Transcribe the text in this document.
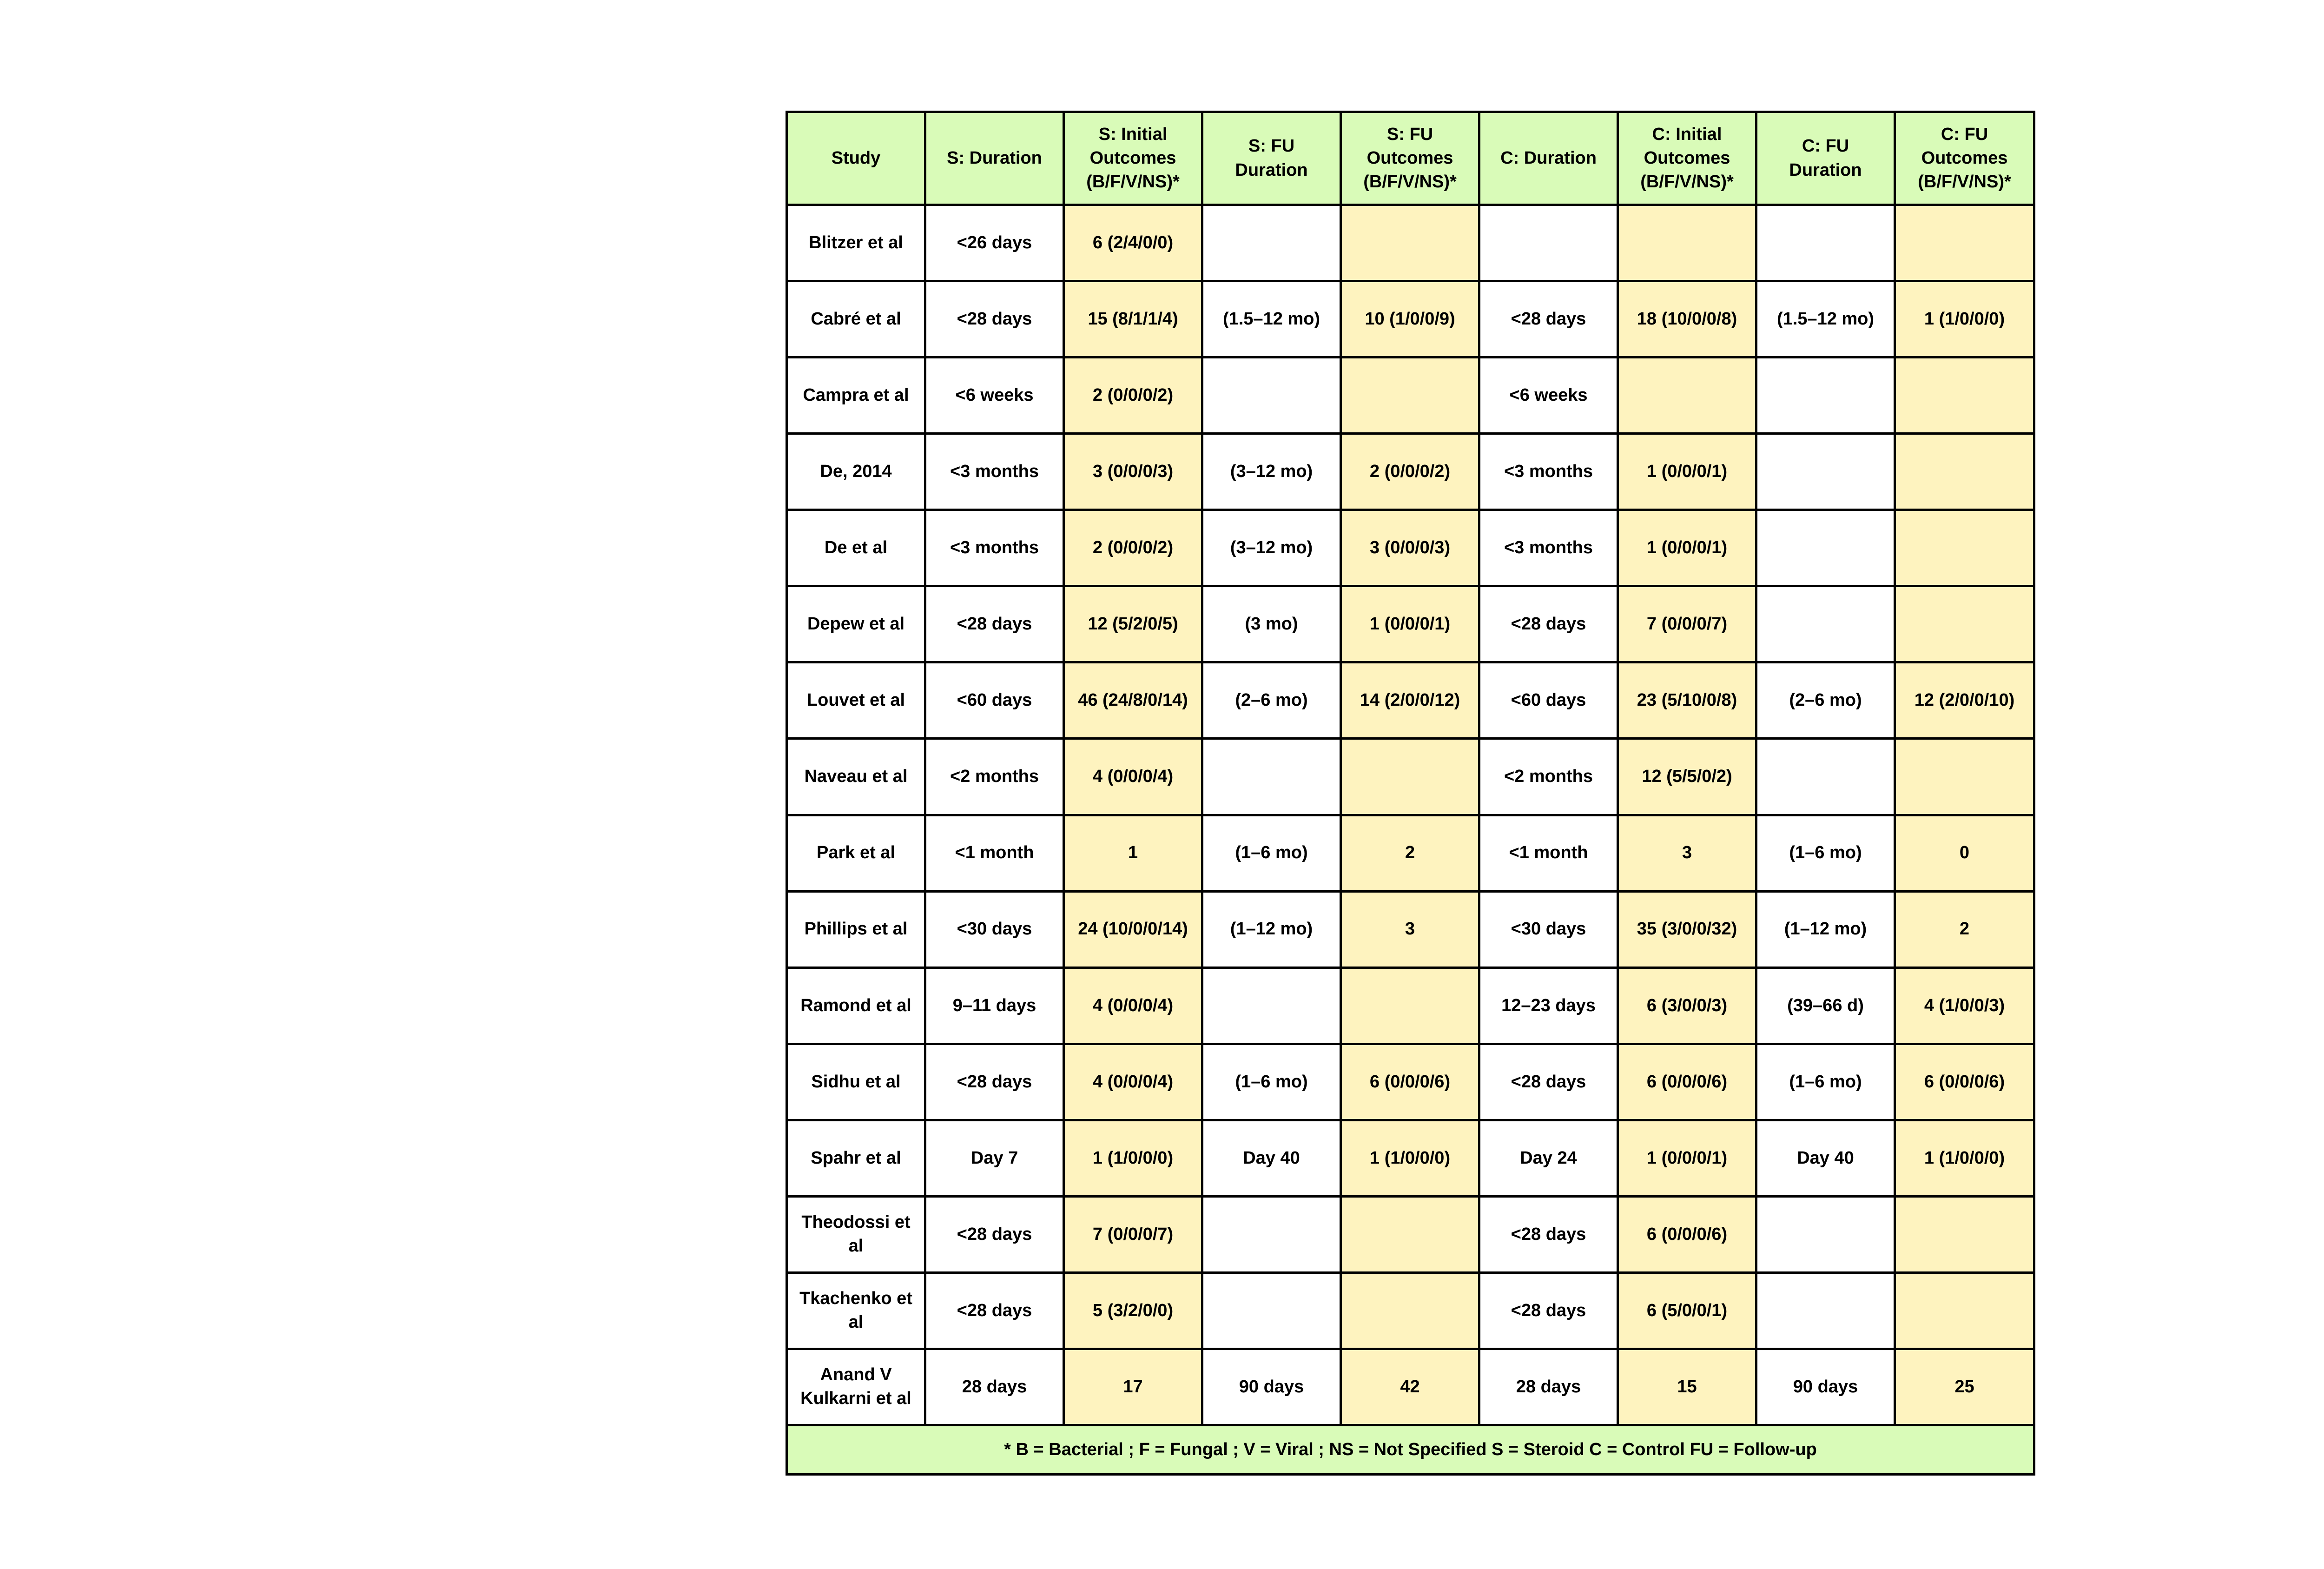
Study	S: Duration	S: Initial Outcomes (B/F/V/NS)*	S: FU Duration	S: FU Outcomes (B/F/V/NS)*	C: Duration	C: Initial Outcomes (B/F/V/NS)*	C: FU Duration	C: FU Outcomes (B/F/V/NS)*
Blitzer et al	<26 days	6 (2/4/0/0)						
Cabré et al	<28 days	15 (8/1/1/4)	(1.5–12 mo)	10 (1/0/0/9)	<28 days	18 (10/0/0/8)	(1.5–12 mo)	1 (1/0/0/0)
Campra et al	<6 weeks	2 (0/0/0/2)			<6 weeks			
De, 2014	<3 months	3 (0/0/0/3)	(3–12 mo)	2 (0/0/0/2)	<3 months	1 (0/0/0/1)		
De et al	<3 months	2 (0/0/0/2)	(3–12 mo)	3 (0/0/0/3)	<3 months	1 (0/0/0/1)		
Depew et al	<28 days	12 (5/2/0/5)	(3 mo)	1 (0/0/0/1)	<28 days	7 (0/0/0/7)		
Louvet et al	<60 days	46 (24/8/0/14)	(2–6 mo)	14 (2/0/0/12)	<60 days	23 (5/10/0/8)	(2–6 mo)	12 (2/0/0/10)
Naveau et al	<2 months	4 (0/0/0/4)			<2 months	12 (5/5/0/2)		
Park et al	<1 month	1	(1–6 mo)	2	<1 month	3	(1–6 mo)	0
Phillips et al	<30 days	24 (10/0/0/14)	(1–12 mo)	3	<30 days	35 (3/0/0/32)	(1–12 mo)	2
Ramond et al	9–11 days	4 (0/0/0/4)			12–23 days	6 (3/0/0/3)	(39–66 d)	4 (1/0/0/3)
Sidhu et al	<28 days	4 (0/0/0/4)	(1–6 mo)	6 (0/0/0/6)	<28 days	6 (0/0/0/6)	(1–6 mo)	6 (0/0/0/6)
Spahr et al	Day 7	1 (1/0/0/0)	Day 40	1 (1/0/0/0)	Day 24	1 (0/0/0/1)	Day 40	1 (1/0/0/0)
Theodossi et al	<28 days	7 (0/0/0/7)			<28 days	6 (0/0/0/6)		
Tkachenko et al	<28 days	5 (3/2/0/0)			<28 days	6 (5/0/0/1)		
Anand V Kulkarni et al	28 days	17	90 days	42	28 days	15	90 days	25
* B = Bacterial ; F = Fungal ; V = Viral ; NS = Not Specified S = Steroid C = Control FU = Follow-up								
